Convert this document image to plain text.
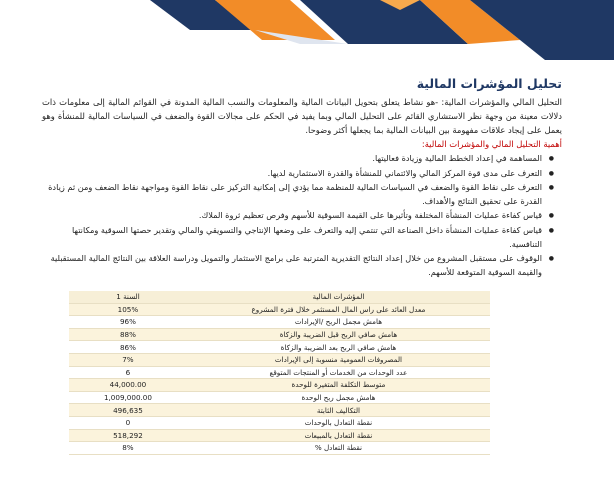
تحليل المؤشرات المالية

التحليل المالي والمؤشرات المالية: -هو نشاط يتعلق بتحويل البيانات المالية والمعلومات والنسب المالية المدونة في القوائم المالية إلى معلومات ذات دلالات معينة من وجهة نظر الاستشاري القائم على التحليل المالي وبما يفيد في الحكم على مجالات القوة والضعف في السياسات المالية للمنشأة وهو يعمل على إيجاد علاقات مفهومة بين البيانات المالية بما يجعلها أكثر وضوحا.

أهمية التحليل المالي والمؤشرات المالية:
● المساهمة في إعداد الخطط المالية وزيادة فعاليتها.
● التعرف على مدى قوة المركز المالي والائتماني للمنشأة والقدرة الاستثمارية لديها.
● التعرف على نقاط القوة والضعف في السياسات المالية للمنظمة مما يؤدي إلى إمكانية التركيز على نقاط القوة ومواجهة نقاط الضعف ومن ثم زيادة القدرة على تحقيق النتائج والأهداف.
● قياس كفاءة عمليات المنشأة المختلفة وتأثيرها على القيمة السوقية للأسهم وفرص تعظيم ثروة الملاك.
● قياس كفاءة عمليات المنشأة داخل الصناعة التي تنتمي إليه والتعرف على وضعها الإنتاجي والتسويقي والمالي وتقدير حصتها السوقية ومكانتها التنافسية.
● الوقوف على مستقبل المشروع من خلال إعداد النتائج التقديرية المترتبة على برامج الاستثمار والتمويل ودراسة العلاقة بين النتائج المالية المستقبلية والقيمة السوقية المتوقعة للأسهم.
المؤشرات المالية	السنة 1
معدل العائد على راس المال المستثمر خلال فترة المشروع	105%
هامش مجمل الربح /الإيرادات	96%
هامش صافي الربح قبل الضريبة والزكاة	88%
هامش صافي الربح بعد الضريبة والزكاة	86%
المصروفات العمومية منسوبة إلى الإيرادات	7%
عدد الوحدات من الخدمات أو المنتجات المتوقع	6
متوسط التكلفة المتغيرة للوحدة	44,000.00
هامش مجمل ربح الوحدة	1,009,000.00
التكاليف الثابتة	496,635
نقطة التعادل بالوحدات	0
نقطة التعادل بالمبيعات	518,292
نقطة التعادل %	8%
